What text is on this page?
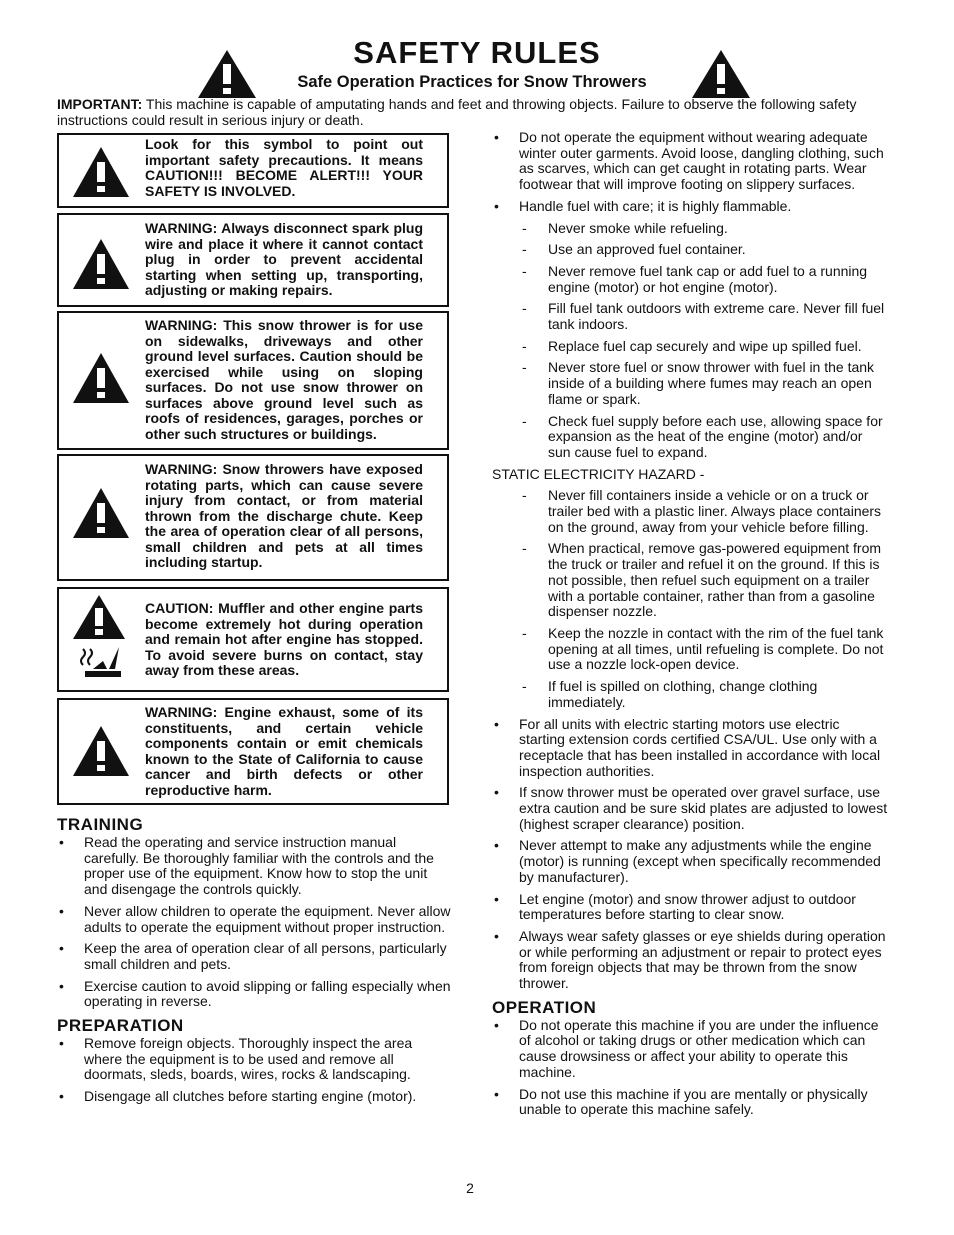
SAFETY RULES
Safe Operation Practices for Snow Throwers
IMPORTANT: This machine is capable of amputating hands and feet and throwing objects. Failure to observe the following safety instructions could result in serious injury or death.
Look for this symbol to point out important safety precautions. It means CAUTION!!! BECOME ALERT!!! YOUR SAFETY IS INVOLVED.
WARNING: Always disconnect spark plug wire and place it where it cannot contact plug in order to prevent accidental starting when setting up, transporting, adjusting or making repairs.
WARNING: This snow thrower is for use on sidewalks, driveways and other ground level surfaces. Caution should be exercised while using on sloping surfaces. Do not use snow thrower on surfaces above ground level such as roofs of residences, garages, porches or other such structures or buildings.
WARNING: Snow throwers have exposed rotating parts, which can cause severe injury from contact, or from material thrown from the discharge chute. Keep the area of operation clear of all persons, small children and pets at all times including startup.
CAUTION: Muffler and other engine parts become extremely hot during operation and remain hot after engine has stopped. To avoid severe burns on contact, stay away from these areas.
WARNING: Engine exhaust, some of its constituents, and certain vehicle components contain or emit chemicals known to the State of California to cause cancer and birth defects or other reproductive harm.
TRAINING
• Read the operating and service instruction manual carefully. Be thoroughly familiar with the controls and the proper use of the equipment. Know how to stop the unit and disengage the controls quickly.
• Never allow children to operate the equipment. Never allow adults to operate the equipment without proper instruction.
• Keep the area of operation clear of all persons, particularly small children and pets.
• Exercise caution to avoid slipping or falling especially when operating in reverse.
PREPARATION
• Remove foreign objects. Thoroughly inspect the area where the equipment is to be used and remove all doormats, sleds, boards, wires, rocks & landscaping.
• Disengage all clutches before starting engine (motor).
• Do not operate the equipment without wearing adequate winter outer garments. Avoid loose, dangling clothing, such as scarves, which can get caught in rotating parts. Wear footwear that will improve footing on slippery surfaces.
• Handle fuel with care; it is highly flammable.
- Never smoke while refueling.
- Use an approved fuel container.
- Never remove fuel tank cap or add fuel to a running engine (motor) or hot engine (motor).
- Fill fuel tank outdoors with extreme care. Never fill fuel tank indoors.
- Replace fuel cap securely and wipe up spilled fuel.
- Never store fuel or snow thrower with fuel in the tank inside of a building where fumes may reach an open flame or spark.
- Check fuel supply before each use, allowing space for expansion as the heat of the engine (motor) and/or sun cause fuel to expand.
STATIC ELECTRICITY HAZARD -
- Never fill containers inside a vehicle or on a truck or trailer bed with a plastic liner. Always place containers on the ground, away from your vehicle before filling.
- When practical, remove gas-powered equipment from the truck or trailer and refuel it on the ground. If this is not possible, then refuel such equipment on a trailer with a portable container, rather than from a gasoline dispenser nozzle.
- Keep the nozzle in contact with the rim of the fuel tank opening at all times, until refueling is complete. Do not use a nozzle lock-open device.
- If fuel is spilled on clothing, change clothing immediately.
• For all units with electric starting motors use electric starting extension cords certified CSA/UL. Use only with a receptacle that has been installed in accordance with local inspection authorities.
• If snow thrower must be operated over gravel surface, use extra caution and be sure skid plates are adjusted to lowest (highest scraper clearance) position.
• Never attempt to make any adjustments while the engine (motor) is running (except when specifically recommended by manufacturer).
• Let engine (motor) and snow thrower adjust to outdoor temperatures before starting to clear snow.
• Always wear safety glasses or eye shields during operation or while performing an adjustment or repair to protect eyes from foreign objects that may be thrown from the snow thrower.
OPERATION
• Do not operate this machine if you are under the influence of alcohol or taking drugs or other medication which can cause drowsiness or affect your ability to operate this machine.
• Do not use this machine if you are mentally or physically unable to operate this machine safely.
2
